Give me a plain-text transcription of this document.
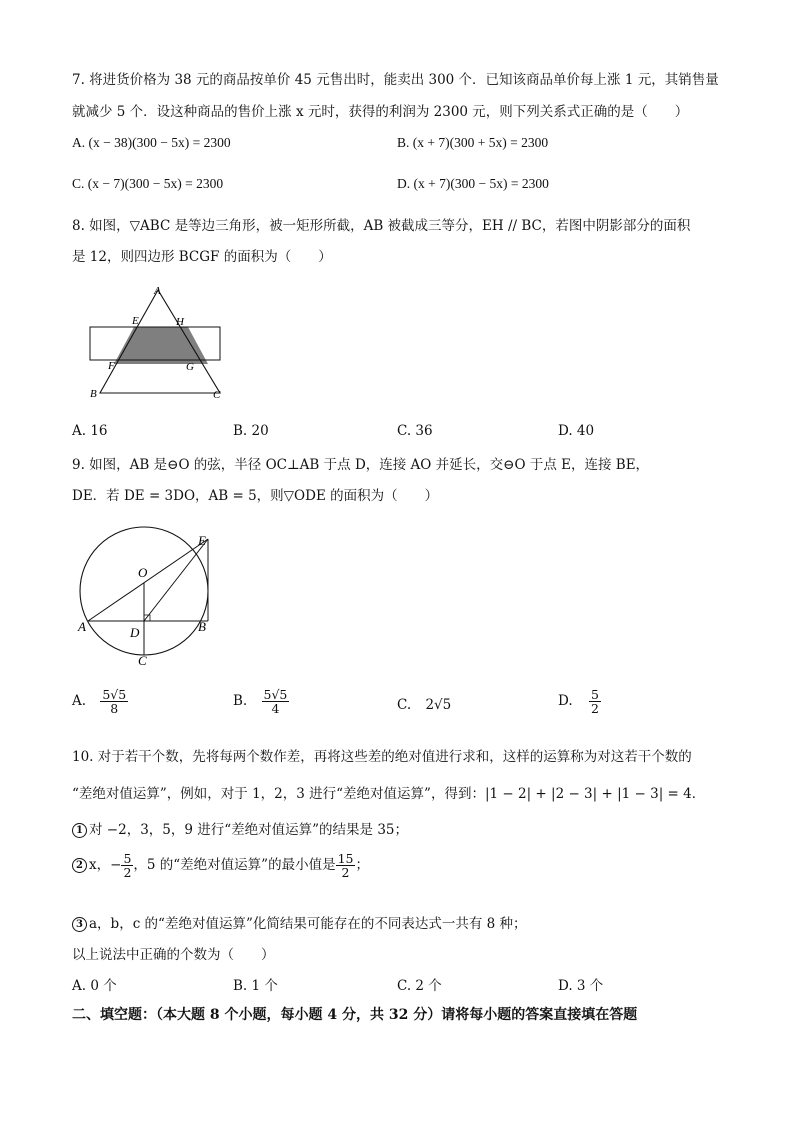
7. 将进货价格为 38 元的商品按单价 45 元售出时，能卖出 300 个．已知该商品单价每上涨 1 元，其销售量
就减少 5 个．设这种商品的售价上涨 x 元时，获得的利润为 2300 元，则下列关系式正确的是（　　）
A. (x − 38)(300 − 5x) = 2300	B. (x + 7)(300 + 5x) = 2300
C. (x − 7)(300 − 5x) = 2300	D. (x + 7)(300 − 5x) = 2300
8. 如图，▽ABC 是等边三角形，被一矩形所截，AB 被截成三等分，EH // BC，若图中阴影部分的面积
是 12，则四边形 BCGF 的面积为（　　）
A
E	H
F	G
B	C
A. 16	B. 20	C. 36	D. 40
9. 如图，AB 是⊖O 的弦，半径 OC⊥AB 于点 D，连接 AO 并延长，交⊖O 于点 E，连接 BE，
DE．若 DE = 3DO，AB = 5，则▽ODE 的面积为（　　）
E
O
A	D	B
C
A. $\frac{5√5}{8}$	B. $\frac{5√5}{4}$	C. 2√5	D. $\frac{5}{2}$
10. 对于若干个数，先将每两个数作差，再将这些差的绝对值进行求和，这样的运算称为对这若干个数的
“差绝对值运算”，例如，对于 1，2，3 进行“差绝对值运算”，得到：|1 − 2| + |2 − 3| + |1 − 3| = 4．
1 对 −2，3，5，9 进行“差绝对值运算”的结果是 35；
2 x，− $\frac{5}{2}$ ，5 的“差绝对值运算”的最小值是 $\frac{15}{2}$ ；
3 a，b，c 的“差绝对值运算”化简结果可能存在的不同表达式一共有 8 种；
以上说法中正确的个数为（　　）
A. 0 个	B. 1 个	C. 2 个	D. 3 个
二、填空题：（本大题 8 个小题，每小题 4 分，共 32 分）请将每小题的答案直接填在答题
